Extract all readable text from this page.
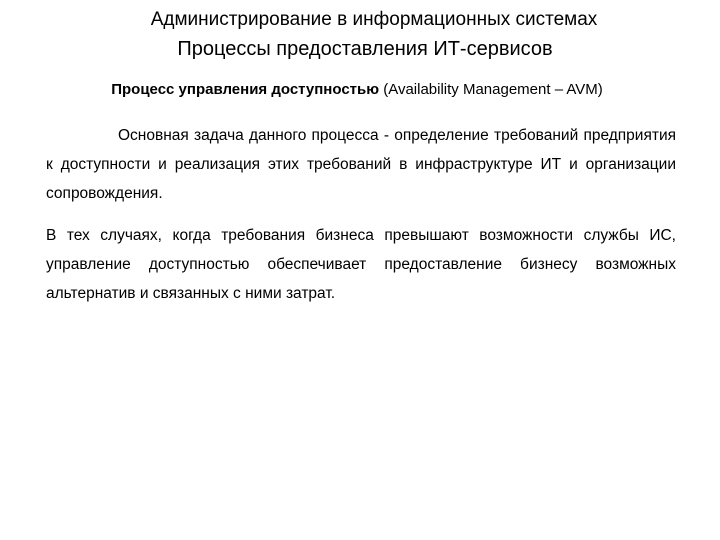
Администрирование в информационных системах
Процессы предоставления ИТ-сервисов
Процесс управления доступностью (Availability Management – AVM)
Основная задача данного процесса - определение требований предприятия к доступности и реализация этих требований в инфраструктуре ИТ и организации сопровождения.
В тех случаях, когда требования бизнеса превышают возможности службы ИС, управление доступностью обеспечивает предоставление бизнесу возможных альтернатив и связанных с ними затрат.
